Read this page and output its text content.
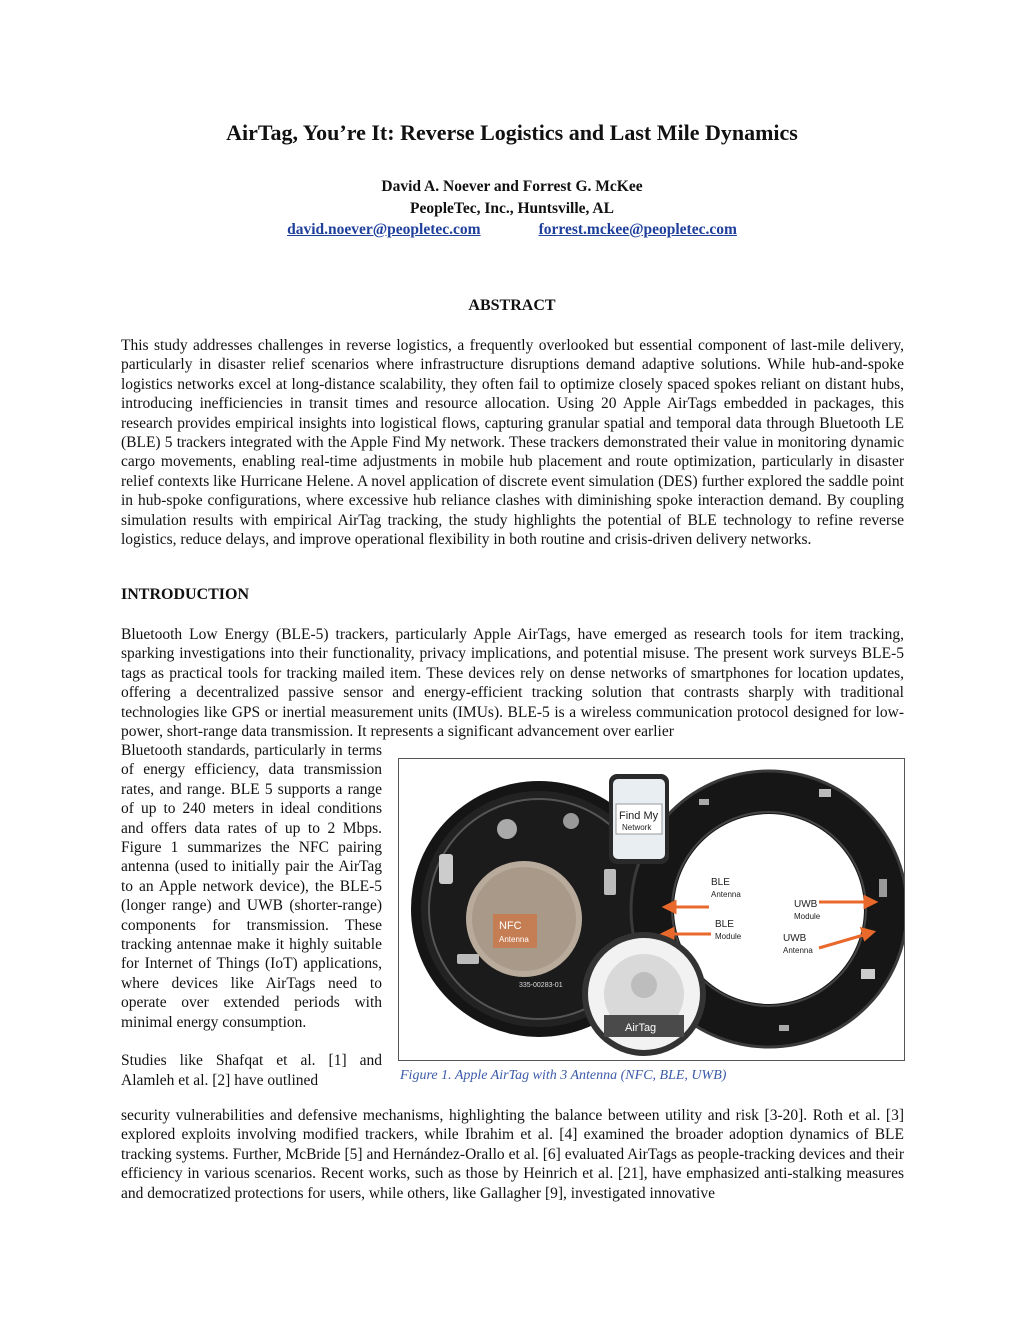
AirTag, You’re It: Reverse Logistics and Last Mile Dynamics
David A. Noever and Forrest G. McKee
PeopleTec, Inc., Huntsville, AL
david.noever@peopletec.com	forrest.mckee@peopletec.com
ABSTRACT
This study addresses challenges in reverse logistics, a frequently overlooked but essential component of last-mile delivery, particularly in disaster relief scenarios where infrastructure disruptions demand adaptive solutions. While hub-and-spoke logistics networks excel at long-distance scalability, they often fail to optimize closely spaced spokes reliant on distant hubs, introducing inefficiencies in transit times and resource allocation. Using 20 Apple AirTags embedded in packages, this research provides empirical insights into logistical flows, capturing granular spatial and temporal data through Bluetooth LE (BLE) 5 trackers integrated with the Apple Find My network. These trackers demonstrated their value in monitoring dynamic cargo movements, enabling real-time adjustments in mobile hub placement and route optimization, particularly in disaster relief contexts like Hurricane Helene. A novel application of discrete event simulation (DES) further explored the saddle point in hub-spoke configurations, where excessive hub reliance clashes with diminishing spoke interaction demand. By coupling simulation results with empirical AirTag tracking, the study highlights the potential of BLE technology to refine reverse logistics, reduce delays, and improve operational flexibility in both routine and crisis-driven delivery networks.
INTRODUCTION
Bluetooth Low Energy (BLE-5) trackers, particularly Apple AirTags, have emerged as research tools for item tracking, sparking investigations into their functionality, privacy implications, and potential misuse. The present work surveys BLE-5 tags as practical tools for tracking mailed item. These devices rely on dense networks of smartphones for location updates, offering a decentralized passive sensor and energy-efficient tracking solution that contrasts sharply with traditional technologies like GPS or inertial measurement units (IMUs). BLE-5 is a wireless communication protocol designed for low-power, short-range data transmission. It represents a significant advancement over earlier
Bluetooth standards, particularly in terms of energy efficiency, data transmission rates, and range. BLE 5 supports a range of up to 240 meters in ideal conditions and offers data rates of up to 2 Mbps. Figure 1 summarizes the NFC pairing antenna (used to initially pair the AirTag to an Apple network device), the BLE-5 (longer range) and UWB (shorter-range) components for transmission. These tracking antennae make it highly suitable for Internet of Things (IoT) applications, where devices like AirTags need to operate over extended periods with minimal energy consumption.
Studies like Shafqat et al. [1] and Alamleh et al. [2] have outlined
security vulnerabilities and defensive mechanisms, highlighting the balance between utility and risk [3-20]. Roth et al. [3] explored exploits involving modified trackers, while Ibrahim et al. [4] examined the broader adoption dynamics of BLE tracking systems. Further, McBride [5] and Hernández-Orallo et al. [6] evaluated AirTags as people-tracking devices and their efficiency in various scenarios. Recent works, such as those by Heinrich et al. [21], have emphasized anti-stalking measures and democratized protections for users, while others, like Gallagher [9], investigated innovative
NFC
Antenna
335-00283-01
Find My
Network
BLE
Antenna
BLE
Module
UWB
Module
UWB
Antenna
AirTag
Figure 1. Apple AirTag with 3 Antenna (NFC, BLE, UWB)
